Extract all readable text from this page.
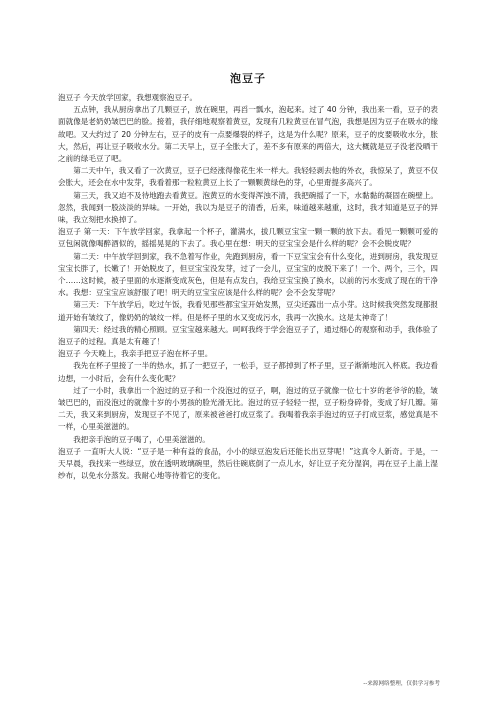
泡豆子

泡豆子 今天放学回家，我想观察泡豆子。

五点钟，我从厨房拿出了几颗豆子，放在碗里，再舀一瓢水，泡起来。过了 40 分钟，我出来一看，豆子的表面就像是老奶奶皱巴巴的脸。接着，我仔细地观察着黄豆，发现有几粒黄豆在冒气泡，我想是因为豆子在吸水的缘故吧。又大约过了 20 分钟左右，豆子的皮有一点要爆裂的样子，这是为什么呢？原来，豆子的皮要吸收水分，胀大，然后，再让豆子吸收水分。第二天早上，豆子全胀大了，差不多有原来的两倍大，这大概就是豆子没老没晒干之前的绿毛豆了吧。

第二天中午，我又看了一次黄豆，豆子已经涨得像花生米一样大。我轻轻剥去他的外衣，我惊呆了，黄豆不仅会胀大，还会在水中发芽，我看着那一粒粒黄豆上长了一颗颗黄绿色的芽，心里甭提多高兴了。

第三天，我又迫不及待地跑去看黄豆。泡黄豆的水变得浑浊不清，我把碗摇了一下，水黏黏的凝固在碗壁上。忽然，我闻到一股淡淡的异味。一开始，我以为是豆子的清香，后来，味道越来越重，这时，我才知道是豆子的异味，我立刻把水换掉了。

泡豆子 第一天：下午放学回家，我拿起一个杯子，灌满水，拔几颗豆宝宝一颗一颗的放下去。看见一颗颗可爱的豆包闲就像喝醉酒似的，摇摇晃晃的下去了。我心里在想：明天的豆宝宝会是什么样的呢？会不会脱皮呢？

第二天：中午放学回到家，我不急着写作业，先跑到厨房，看一下豆宝宝会有什么变化，进到厨房，我发现豆宝宝长胖了，长嫩了！开始脱皮了，但豆宝宝没发芽，过了一会儿，豆宝宝的皮脱下来了！一个、两个，三个，四个……这时候，被子里面的水逐渐变成灰色，但是有点发白，我给豆宝宝换了换水，以前的污水变成了现在的干净水。我想：豆宝宝应该舒服了吧！明天的豆宝宝应该是什么样的呢？会不会发芽呢？

第三天：下午放学后，吃过午饭，我看见那些都宝宝开始发黑，豆尖还露出一点小芽。这时候我突然发现都报道开始有皱纹了，像奶奶的皱纹一样。但是杯子里的水又变成污水，我再一次换水。这是太神奇了！

第四天：经过我的精心照顾。豆宝宝越来越大。呵呵我终于学会泡豆子了，通过细心的观察和动手，我体验了泡豆子的过程。真是太有趣了！

泡豆子 今天晚上，我亲手把豆子泡在杯子里。

我先在杯子里接了一半的热水，抓了一把豆子，一松手，豆子都掉到了杯子里，豆子渐渐地沉入杯底。我边看边想，一小时后，会有什么变化呢？

过了一小时，我拿出一个泡过的豆子和一个没泡过的豆子，啊，泡过的豆子就像一位七十岁的老爷爷的脸，皱皱巴巴的，而没泡过的就像十岁的小男孩的脸光滑无比。泡过的豆子轻轻一捏，豆子粉身碎骨，变成了好几瓣。第二天，我又来到厨房，发现豆子不见了，原来被爸爸打成豆浆了。我喝着我亲手泡过的豆子打成豆浆，感觉真是不一样，心里美滋滋的。

我把亲手泡的豆子喝了，心里美滋滋的。

泡豆子 一直听大人说：“豆子是一种有益的食品，小小的绿豆泡发后还能长出豆芽呢！”这真令人新奇。于是，一天早晨，我找来一些绿豆，放在透明玻璃碗里，然后往碗底倒了一点儿水，好让豆子充分湿润，再在豆子上盖上湿纱布，以免水分蒸发。我耐心地等待着它的变化。

--来源网络整理，仅供学习参考
